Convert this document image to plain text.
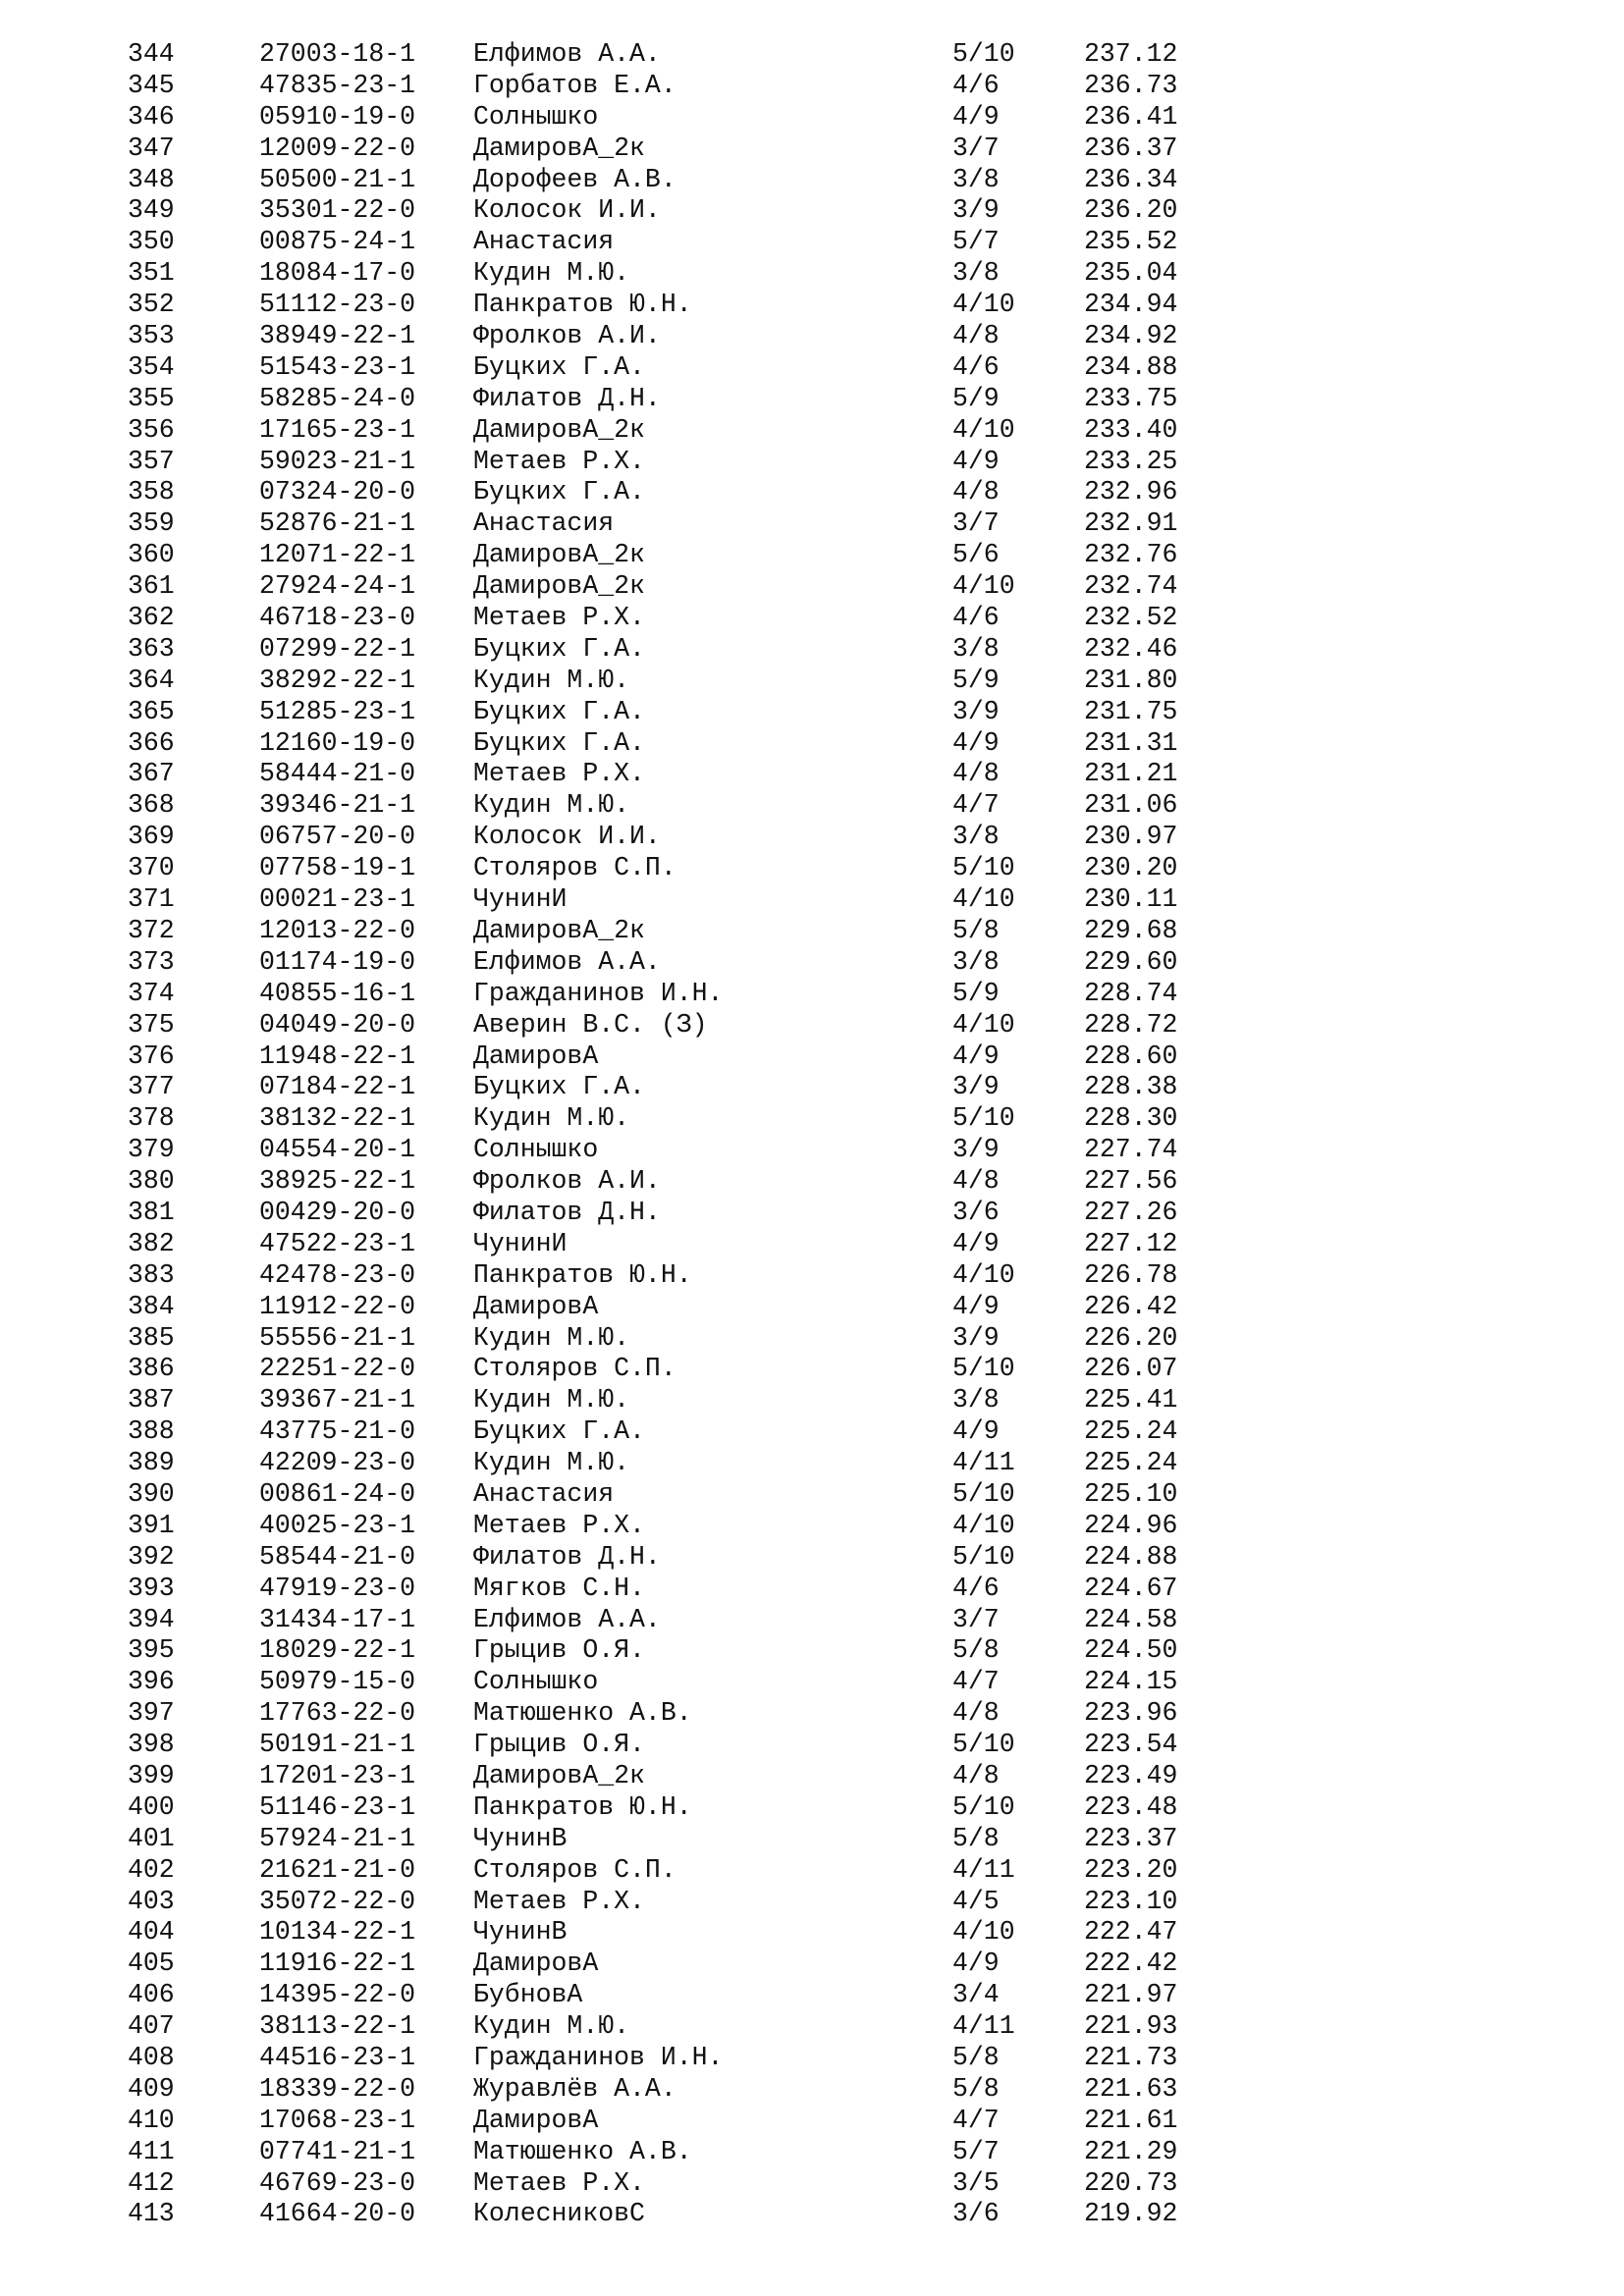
344	27003-18-1 Елфимов А.А.	5/10	237.12
345	47835-23-1 Горбатов Е.А.	4/6	236.73
346	05910-19-0 Солнышко	4/9	236.41
347	12009-22-0 ДамировА_2к	3/7	236.37
348	50500-21-1 Дорофеев А.В.	3/8	236.34
349	35301-22-0 Колосок И.И.	3/9	236.20
350	00875-24-1 Анастасия	5/7	235.52
351	18084-17-0 Кудин М.Ю.	3/8	235.04
352	51112-23-0 Панкратов Ю.Н.	4/10	234.94
353	38949-22-1 Фролков А.И.	4/8	234.92
354	51543-23-1 Буцких Г.А.	4/6	234.88
355	58285-24-0 Филатов Д.Н.	5/9	233.75
356	17165-23-1 ДамировА_2к	4/10	233.40
357	59023-21-1 Метаев Р.Х.	4/9	233.25
358	07324-20-0 Буцких Г.А.	4/8	232.96
359	52876-21-1 Анастасия	3/7	232.91
360	12071-22-1 ДамировА_2к	5/6	232.76
361	27924-24-1 ДамировА_2к	4/10	232.74
362	46718-23-0 Метаев Р.Х.	4/6	232.52
363	07299-22-1 Буцких Г.А.	3/8	232.46
364	38292-22-1 Кудин М.Ю.	5/9	231.80
365	51285-23-1 Буцких Г.А.	3/9	231.75
366	12160-19-0 Буцких Г.А.	4/9	231.31
367	58444-21-0 Метаев Р.Х.	4/8	231.21
368	39346-21-1 Кудин М.Ю.	4/7	231.06
369	06757-20-0 Колосок И.И.	3/8	230.97
370	07758-19-1 Столяров С.П.	5/10	230.20
371	00021-23-1 ЧунинИ	4/10	230.11
372	12013-22-0 ДамировА_2к	5/8	229.68
373	01174-19-0 Елфимов А.А.	3/8	229.60
374	40855-16-1 Гражданинов И.Н.	5/9	228.74
375	04049-20-0 Аверин В.С. (З)	4/10	228.72
376	11948-22-1 ДамировА	4/9	228.60
377	07184-22-1 Буцких Г.А.	3/9	228.38
378	38132-22-1 Кудин М.Ю.	5/10	228.30
379	04554-20-1 Солнышко	3/9	227.74
380	38925-22-1 Фролков А.И.	4/8	227.56
381	00429-20-0 Филатов Д.Н.	3/6	227.26
382	47522-23-1 ЧунинИ	4/9	227.12
383	42478-23-0 Панкратов Ю.Н.	4/10	226.78
384	11912-22-0 ДамировА	4/9	226.42
385	55556-21-1 Кудин М.Ю.	3/9	226.20
386	22251-22-0 Столяров С.П.	5/10	226.07
387	39367-21-1 Кудин М.Ю.	3/8	225.41
388	43775-21-0 Буцких Г.А.	4/9	225.24
389	42209-23-0 Кудин М.Ю.	4/11	225.24
390	00861-24-0 Анастасия	5/10	225.10
391	40025-23-1 Метаев Р.Х.	4/10	224.96
392	58544-21-0 Филатов Д.Н.	5/10	224.88
393	47919-23-0 Мягков С.Н.	4/6	224.67
394	31434-17-1 Елфимов А.А.	3/7	224.58
395	18029-22-1 Грыцив О.Я.	5/8	224.50
396	50979-15-0 Солнышко	4/7	224.15
397	17763-22-0 Матюшенко А.В.	4/8	223.96
398	50191-21-1 Грыцив О.Я.	5/10	223.54
399	17201-23-1 ДамировА_2к	4/8	223.49
400	51146-23-1 Панкратов Ю.Н.	5/10	223.48
401	57924-21-1 ЧунинВ	5/8	223.37
402	21621-21-0 Столяров С.П.	4/11	223.20
403	35072-22-0 Метаев Р.Х.	4/5	223.10
404	10134-22-1 ЧунинВ	4/10	222.47
405	11916-22-1 ДамировА	4/9	222.42
406	14395-22-0 БубновА	3/4	221.97
407	38113-22-1 Кудин М.Ю.	4/11	221.93
408	44516-23-1 Гражданинов И.Н.	5/8	221.73
409	18339-22-0 Журавлёв А.А.	5/8	221.63
410	17068-23-1 ДамировА	4/7	221.61
411	07741-21-1 Матюшенко А.В.	5/7	221.29
412	46769-23-0 Метаев Р.Х.	3/5	220.73
413	41664-20-0 КолесниковС	3/6	219.92
